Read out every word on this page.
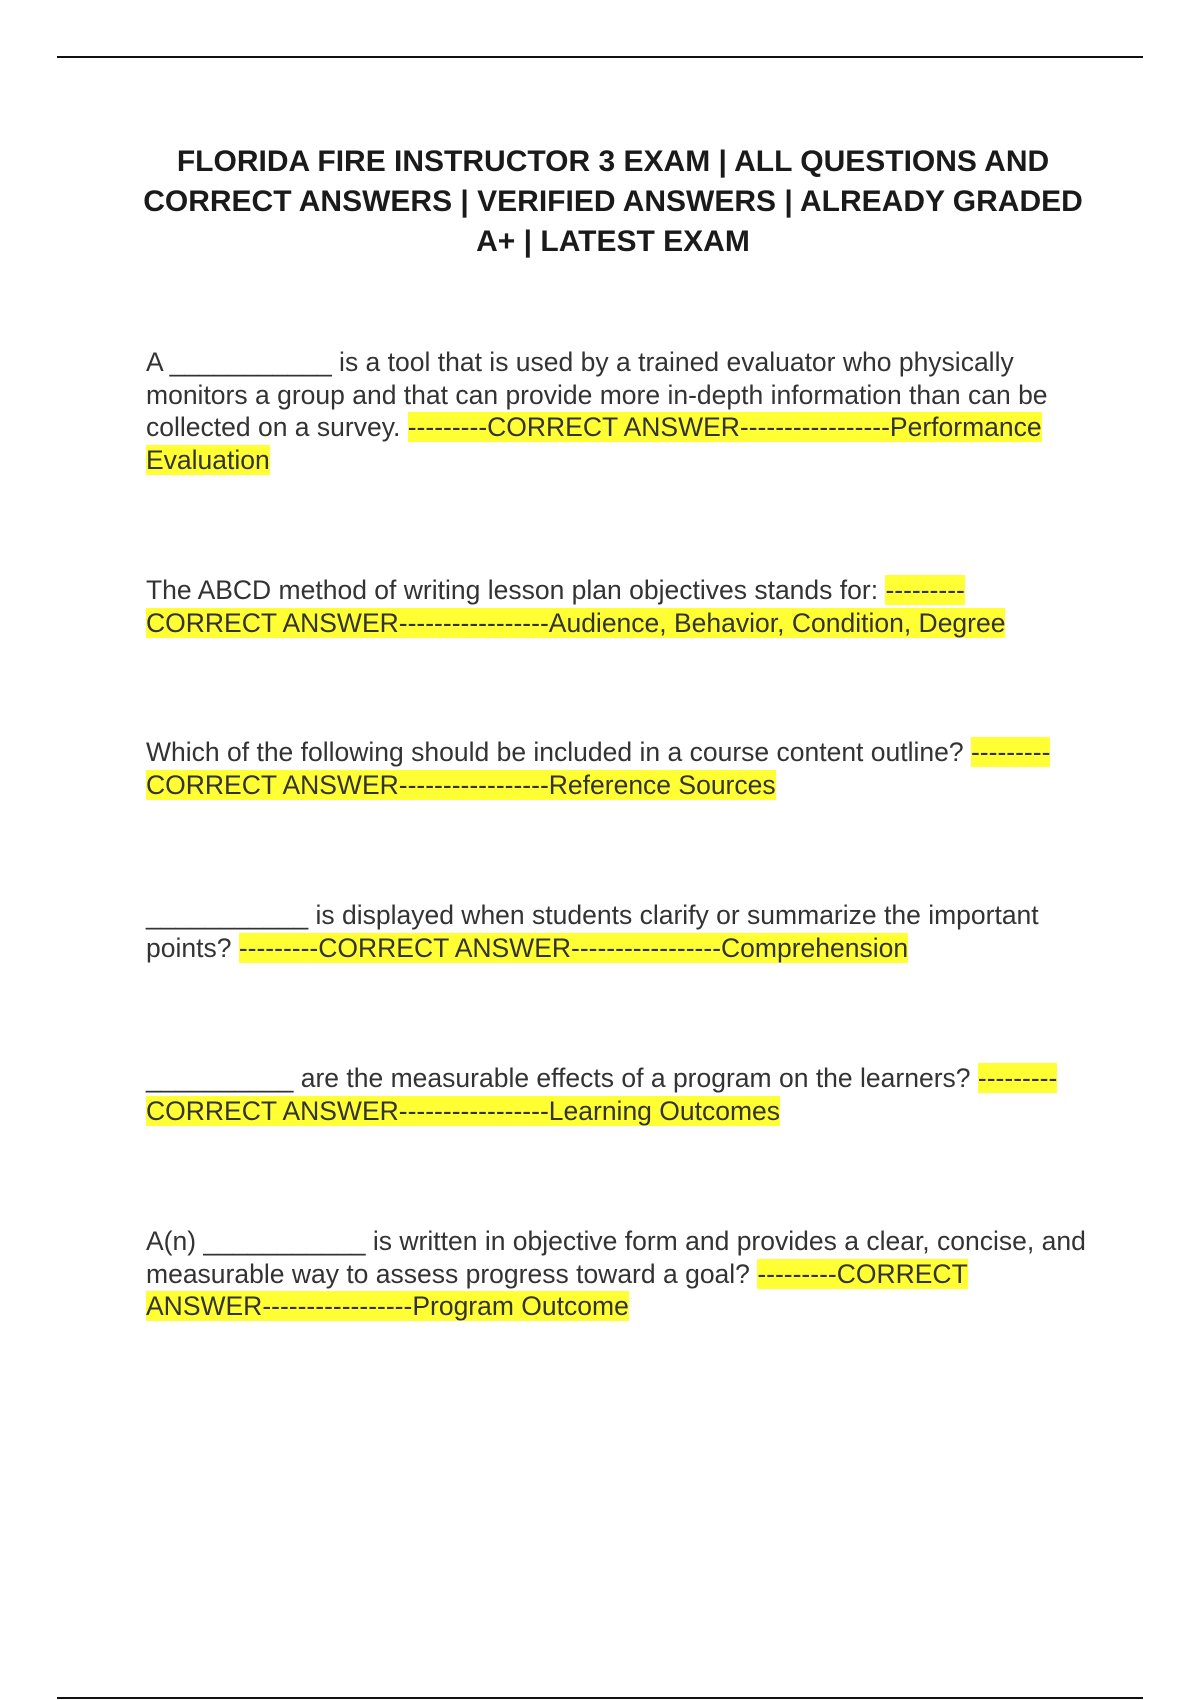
FLORIDA FIRE INSTRUCTOR 3 EXAM | ALL QUESTIONS AND CORRECT ANSWERS | VERIFIED ANSWERS | ALREADY GRADED A+ | LATEST EXAM

A ___________ is a tool that is used by a trained evaluator who physically monitors a group and that can provide more in-depth information than can be collected on a survey. ---------CORRECT ANSWER-----------------Performance Evaluation

The ABCD method of writing lesson plan objectives stands for: ---------CORRECT ANSWER-----------------Audience, Behavior, Condition, Degree

Which of the following should be included in a course content outline? ---------CORRECT ANSWER-----------------Reference Sources

___________ is displayed when students clarify or summarize the important points? ---------CORRECT ANSWER-----------------Comprehension

__________ are the measurable effects of a program on the learners? ---------CORRECT ANSWER-----------------Learning Outcomes

A(n) ___________ is written in objective form and provides a clear, concise, and measurable way to assess progress toward a goal? ---------CORRECT ANSWER-----------------Program Outcome
